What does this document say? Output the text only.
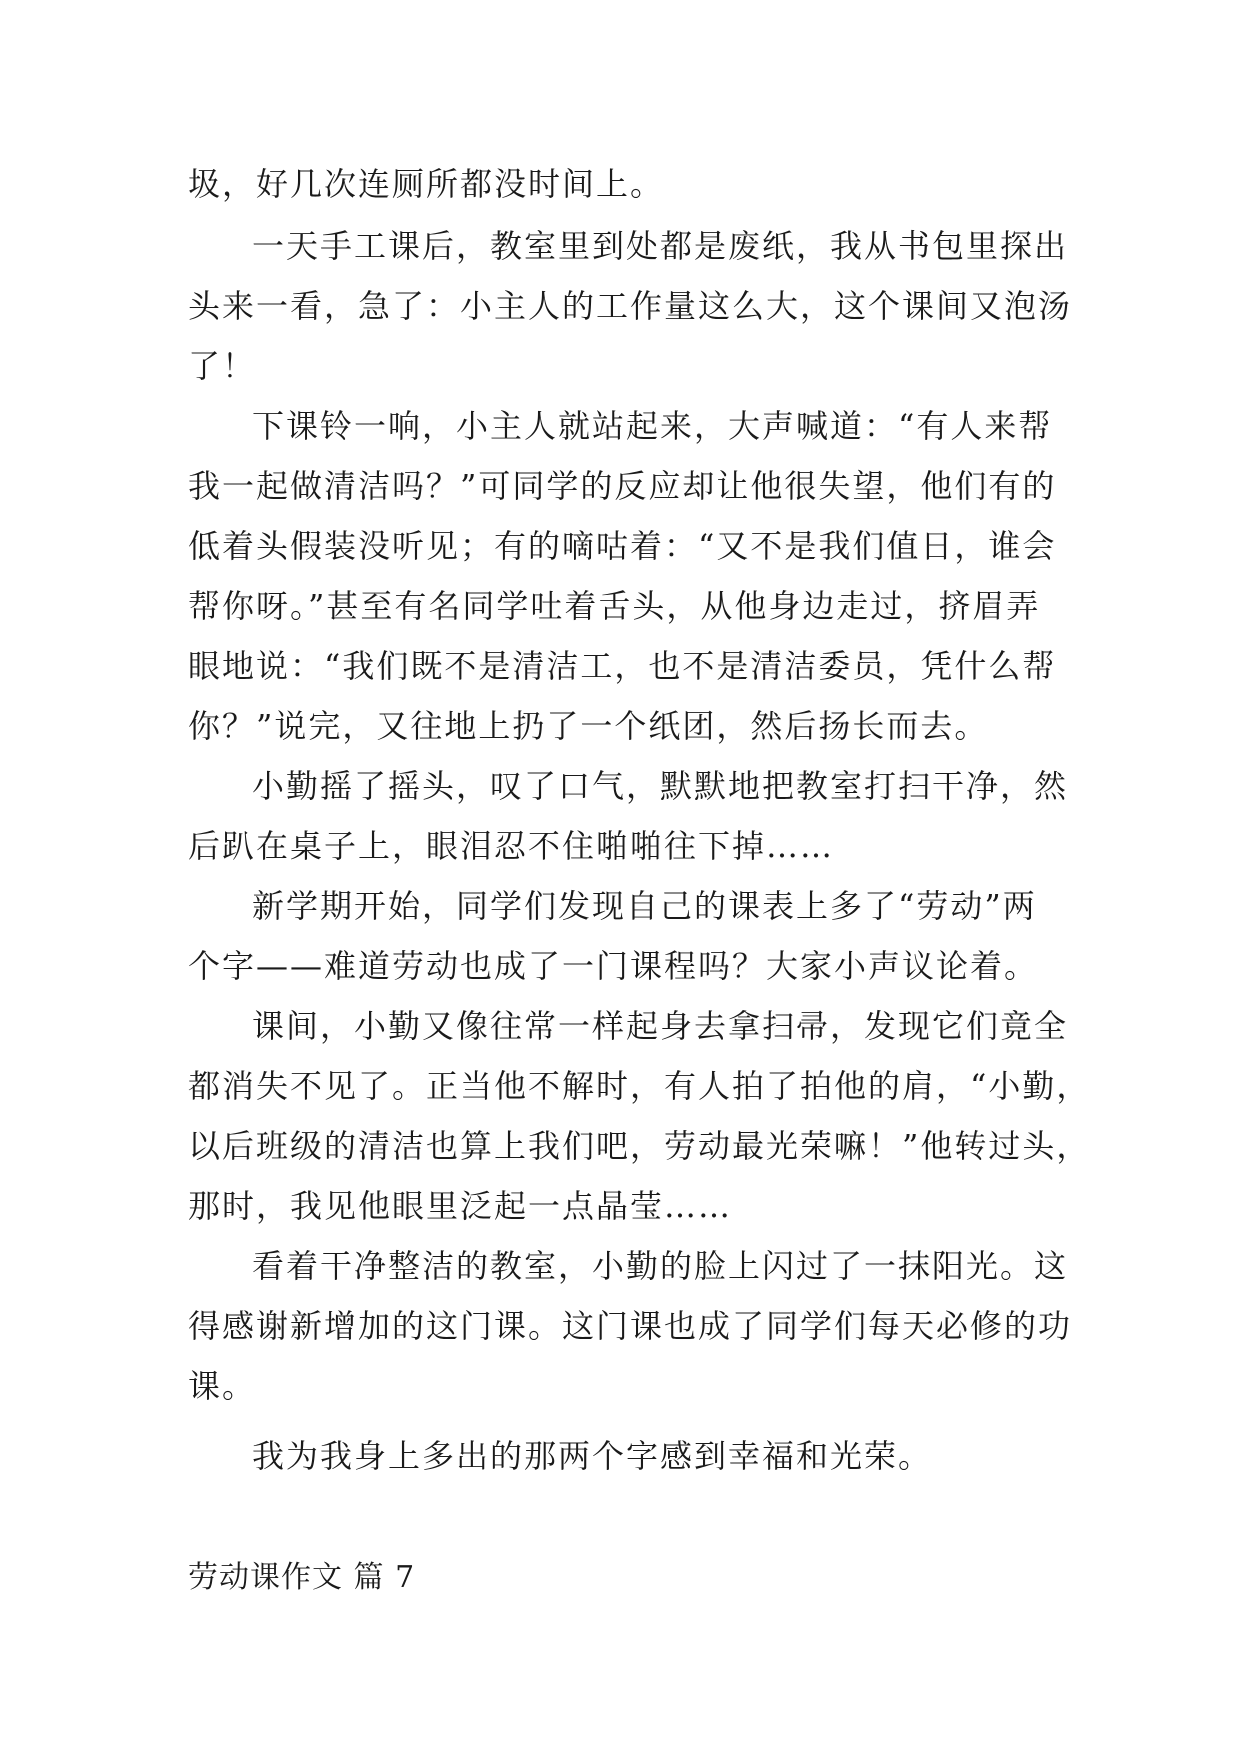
圾，好几次连厕所都没时间上。
一天手工课后，教室里到处都是废纸，我从书包里探出
头来一看，急了：小主人的工作量这么大，这个课间又泡汤
了！
下课铃一响，小主人就站起来，大声喊道：“有人来帮
我一起做清洁吗？”可同学的反应却让他很失望，他们有的
低着头假装没听见；有的嘀咕着：“又不是我们值日，谁会
帮你呀。”甚至有名同学吐着舌头，从他身边走过，挤眉弄
眼地说：“我们既不是清洁工，也不是清洁委员，凭什么帮
你？”说完，又往地上扔了一个纸团，然后扬长而去。
小勤摇了摇头，叹了口气，默默地把教室打扫干净，然
后趴在桌子上，眼泪忍不住啪啪往下掉……
新学期开始，同学们发现自己的课表上多了“劳动”两
个字——难道劳动也成了一门课程吗？大家小声议论着。
课间，小勤又像往常一样起身去拿扫帚，发现它们竟全
都消失不见了。正当他不解时，有人拍了拍他的肩，“小勤，
以后班级的清洁也算上我们吧，劳动最光荣嘛！”他转过头，
那时，我见他眼里泛起一点晶莹……
看着干净整洁的教室，小勤的脸上闪过了一抹阳光。这
得感谢新增加的这门课。这门课也成了同学们每天必修的功
课。
我为我身上多出的那两个字感到幸福和光荣。
劳动课作文 篇 7
